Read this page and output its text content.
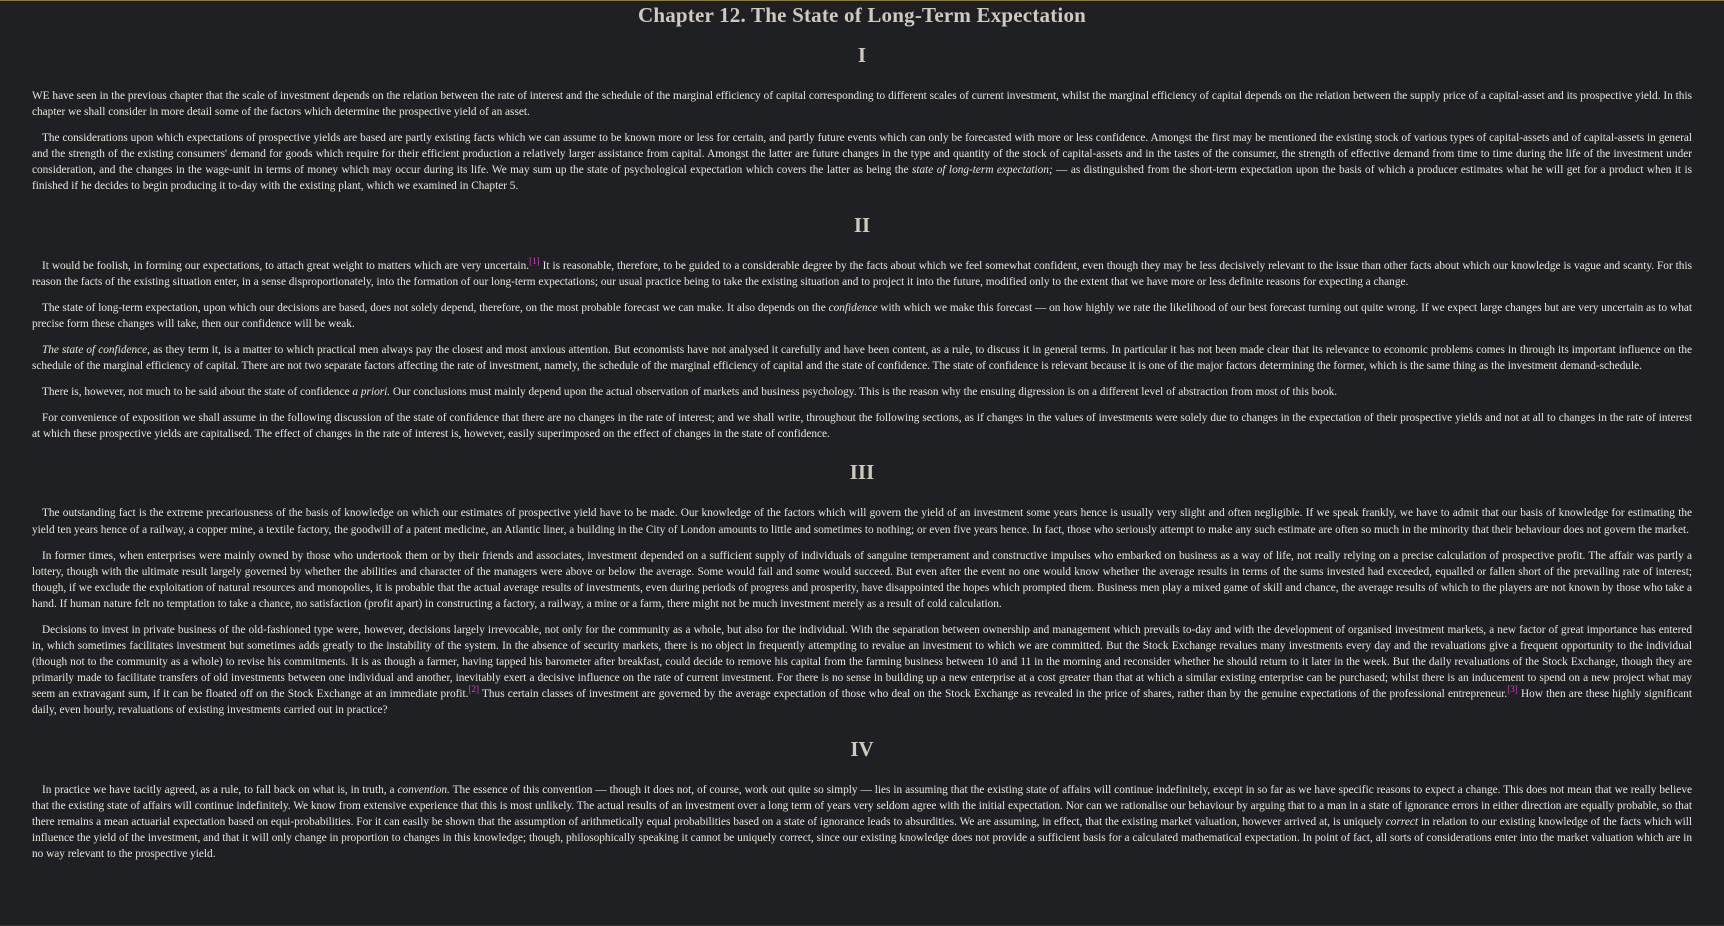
Chapter 12. The State of Long-Term Expectation
I

WE have seen in the previous chapter that the scale of investment depends on the relation between the rate of interest and the schedule of the marginal efficiency of capital corresponding to different scales of current investment, whilst the marginal efficiency of capital depends on the relation between the supply price of a capital-asset and its prospective yield. In this chapter we shall consider in more detail some of the factors which determine the prospective yield of an asset.

The considerations upon which expectations of prospective yields are based are partly existing facts which we can assume to be known more or less for certain, and partly future events which can only be forecasted with more or less confidence. Amongst the first may be mentioned the existing stock of various types of capital-assets and of capital-assets in general and the strength of the existing consumers' demand for goods which require for their efficient production a relatively larger assistance from capital. Amongst the latter are future changes in the type and quantity of the stock of capital-assets and in the tastes of the consumer, the strength of effective demand from time to time during the life of the investment under consideration, and the changes in the wage-unit in terms of money which may occur during its life. We may sum up the state of psychological expectation which covers the latter as being the state of long-term expectation; — as distinguished from the short-term expectation upon the basis of which a producer estimates what he will get for a product when it is finished if he decides to begin producing it to-day with the existing plant, which we examined in Chapter 5.

II

It would be foolish, in forming our expectations, to attach great weight to matters which are very uncertain.[1] It is reasonable, therefore, to be guided to a considerable degree by the facts about which we feel somewhat confident, even though they may be less decisively relevant to the issue than other facts about which our knowledge is vague and scanty. For this reason the facts of the existing situation enter, in a sense disproportionately, into the formation of our long-term expectations; our usual practice being to take the existing situation and to project it into the future, modified only to the extent that we have more or less definite reasons for expecting a change.

The state of long-term expectation, upon which our decisions are based, does not solely depend, therefore, on the most probable forecast we can make. It also depends on the confidence with which we make this forecast — on how highly we rate the likelihood of our best forecast turning out quite wrong. If we expect large changes but are very uncertain as to what precise form these changes will take, then our confidence will be weak.

The state of confidence, as they term it, is a matter to which practical men always pay the closest and most anxious attention. But economists have not analysed it carefully and have been content, as a rule, to discuss it in general terms. In particular it has not been made clear that its relevance to economic problems comes in through its important influence on the schedule of the marginal efficiency of capital. There are not two separate factors affecting the rate of investment, namely, the schedule of the marginal efficiency of capital and the state of confidence. The state of confidence is relevant because it is one of the major factors determining the former, which is the same thing as the investment demand-schedule.

There is, however, not much to be said about the state of confidence a priori. Our conclusions must mainly depend upon the actual observation of markets and business psychology. This is the reason why the ensuing digression is on a different level of abstraction from most of this book.

For convenience of exposition we shall assume in the following discussion of the state of confidence that there are no changes in the rate of interest; and we shall write, throughout the following sections, as if changes in the values of investments were solely due to changes in the expectation of their prospective yields and not at all to changes in the rate of interest at which these prospective yields are capitalised. The effect of changes in the rate of interest is, however, easily superimposed on the effect of changes in the state of confidence.

III

The outstanding fact is the extreme precariousness of the basis of knowledge on which our estimates of prospective yield have to be made. Our knowledge of the factors which will govern the yield of an investment some years hence is usually very slight and often negligible. If we speak frankly, we have to admit that our basis of knowledge for estimating the yield ten years hence of a railway, a copper mine, a textile factory, the goodwill of a patent medicine, an Atlantic liner, a building in the City of London amounts to little and sometimes to nothing; or even five years hence. In fact, those who seriously attempt to make any such estimate are often so much in the minority that their behaviour does not govern the market.

In former times, when enterprises were mainly owned by those who undertook them or by their friends and associates, investment depended on a sufficient supply of individuals of sanguine temperament and constructive impulses who embarked on business as a way of life, not really relying on a precise calculation of prospective profit. The affair was partly a lottery, though with the ultimate result largely governed by whether the abilities and character of the managers were above or below the average. Some would fail and some would succeed. But even after the event no one would know whether the average results in terms of the sums invested had exceeded, equalled or fallen short of the prevailing rate of interest; though, if we exclude the exploitation of natural resources and monopolies, it is probable that the actual average results of investments, even during periods of progress and prosperity, have disappointed the hopes which prompted them. Business men play a mixed game of skill and chance, the average results of which to the players are not known by those who take a hand. If human nature felt no temptation to take a chance, no satisfaction (profit apart) in constructing a factory, a railway, a mine or a farm, there might not be much investment merely as a result of cold calculation.

Decisions to invest in private business of the old-fashioned type were, however, decisions largely irrevocable, not only for the community as a whole, but also for the individual. With the separation between ownership and management which prevails to-day and with the development of organised investment markets, a new factor of great importance has entered in, which sometimes facilitates investment but sometimes adds greatly to the instability of the system. In the absence of security markets, there is no object in frequently attempting to revalue an investment to which we are committed. But the Stock Exchange revalues many investments every day and the revaluations give a frequent opportunity to the individual (though not to the community as a whole) to revise his commitments. It is as though a farmer, having tapped his barometer after breakfast, could decide to remove his capital from the farming business between 10 and 11 in the morning and reconsider whether he should return to it later in the week. But the daily revaluations of the Stock Exchange, though they are primarily made to facilitate transfers of old investments between one individual and another, inevitably exert a decisive influence on the rate of current investment. For there is no sense in building up a new enterprise at a cost greater than that at which a similar existing enterprise can be purchased; whilst there is an inducement to spend on a new project what may seem an extravagant sum, if it can be floated off on the Stock Exchange at an immediate profit.[2] Thus certain classes of investment are governed by the average expectation of those who deal on the Stock Exchange as revealed in the price of shares, rather than by the genuine expectations of the professional entrepreneur.[3] How then are these highly significant daily, even hourly, revaluations of existing investments carried out in practice?

IV

In practice we have tacitly agreed, as a rule, to fall back on what is, in truth, a convention. The essence of this convention — though it does not, of course, work out quite so simply — lies in assuming that the existing state of affairs will continue indefinitely, except in so far as we have specific reasons to expect a change. This does not mean that we really believe that the existing state of affairs will continue indefinitely. We know from extensive experience that this is most unlikely. The actual results of an investment over a long term of years very seldom agree with the initial expectation. Nor can we rationalise our behaviour by arguing that to a man in a state of ignorance errors in either direction are equally probable, so that there remains a mean actuarial expectation based on equi-probabilities. For it can easily be shown that the assumption of arithmetically equal probabilities based on a state of ignorance leads to absurdities. We are assuming, in effect, that the existing market valuation, however arrived at, is uniquely correct in relation to our existing knowledge of the facts which will influence the yield of the investment, and that it will only change in proportion to changes in this knowledge; though, philosophically speaking it cannot be uniquely correct, since our existing knowledge does not provide a sufficient basis for a calculated mathematical expectation. In point of fact, all sorts of considerations enter into the market valuation which are in no way relevant to the prospective yield.
